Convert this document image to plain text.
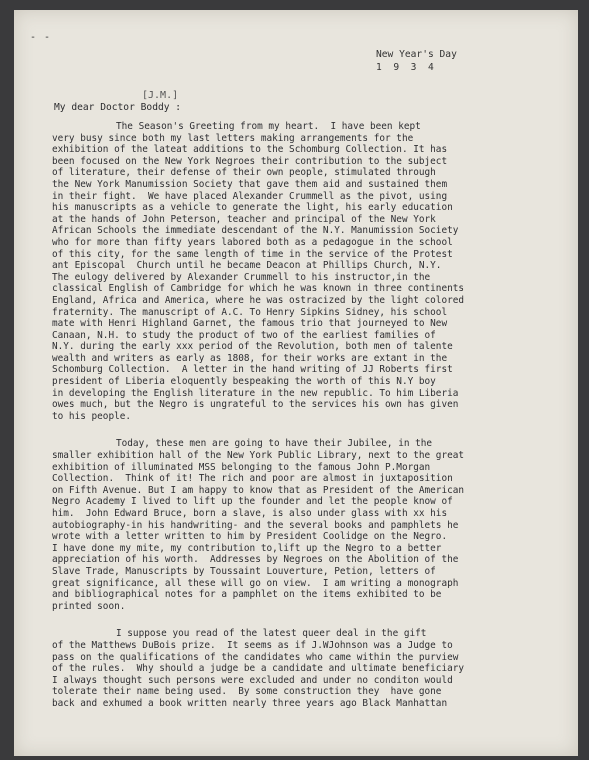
- -
New Year's Day
1  9  3  4
[J.M.]
My dear Doctor Boddy :
The Season's Greeting from my heart.  I have been kept
very busy since both my last letters making arrangements for the
exhibition of the lateat additions to the Schomburg Collection. It has
been focused on the New York Negroes their contribution to the subject
of literature, their defense of their own people, stimulated through
the New York Manumission Society that gave them aid and sustained them
in their fight.  We have placed Alexander Crummell as the pivot, using
his manuscripts as a vehicle to generate the light, his early education
at the hands of John Peterson, teacher and principal of the New York
African Schools the immediate descendant of the N.Y. Manumission Society
who for more than fifty years labored both as a pedagogue in the school
of this city, for the same length of time in the service of the Protest
ant Episcopal  Church until he became Deacon at Phillips Church, N.Y.
The eulogy delivered by Alexander Crummell to his instructor,in the
classical English of Cambridge for which he was known in three continents
England, Africa and America, where he was ostracized by the light colored
fraternity. The manuscript of A.C. To Henry Sipkins Sidney, his school
mate with Henri Highland Garnet, the famous trio that journeyed to New
Canaan, N.H. to study the product of two of the earliest families of
N.Y. during the early xxx period of the Revolution, both men of talente
wealth and writers as early as 1808, for their works are extant in the
Schomburg Collection.  A letter in the hand writing of JJ Roberts first
president of Liberia eloquently bespeaking the worth of this N.Y boy
in developing the English literature in the new republic. To him Liberia
owes much, but the Negro is ungrateful to the services his own has given
to his people.
Today, these men are going to have their Jubilee, in the
smaller exhibition hall of the New York Public Library, next to the great
exhibition of illuminated MSS belonging to the famous John P.Morgan
Collection.  Think of it! The rich and poor are almost in juxtaposition
on Fifth Avenue. But I am happy to know that as President of the American
Negro Academy I lived to lift up the founder and let the people know of
him.  John Edward Bruce, born a slave, is also under glass with xx his
autobiography-in his handwriting- and the several books and pamphlets he
wrote with a letter written to him by President Coolidge on the Negro.
I have done my mite, my contribution to,lift up the Negro to a better
appreciation of his worth.  Addresses by Negroes on the Abolition of the
Slave Trade, Manuscripts by Toussaint Louverture, Petion, letters of
great significance, all these will go on view.  I am writing a monograph
and bibliographical notes for a pamphlet on the items exhibited to be
printed soon.
I suppose you read of the latest queer deal in the gift
of the Matthews DuBois prize.  It seems as if J.WJohnson was a Judge to
pass on the qualifications of the candidates who came within the purview
of the rules.  Why should a judge be a candidate and ultimate beneficiary
I always thought such persons were excluded and under no conditon would
tolerate their name being used.  By some construction they  have gone
back and exhumed a book written nearly three years ago Black Manhattan
